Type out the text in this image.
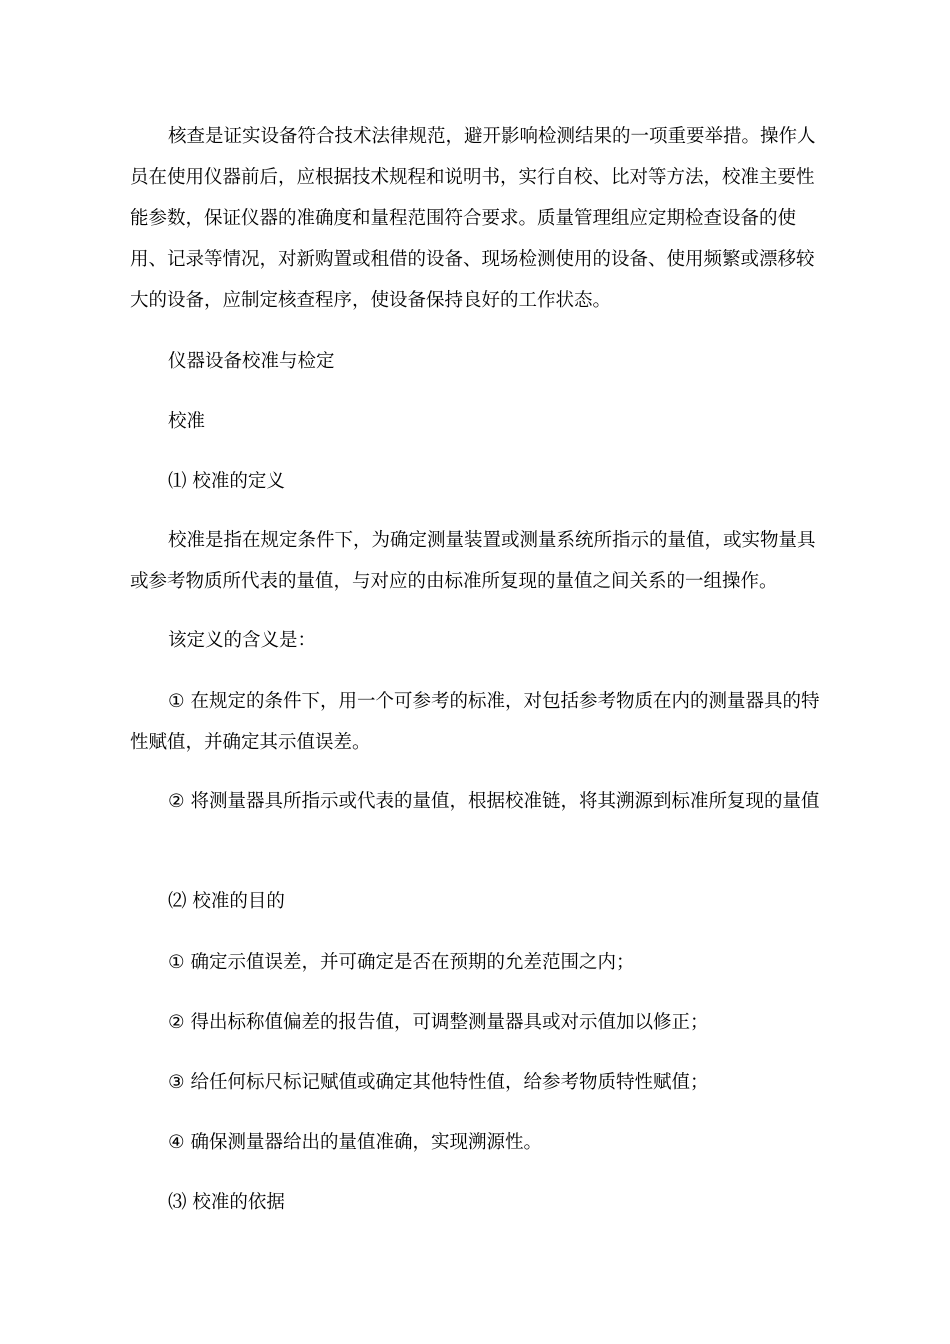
核查是证实设备符合技术法律规范，避开影响检测结果的一项重要举措。操作人员在使用仪器前后，应根据技术规程和说明书，实行自校、比对等方法，校准主要性能参数，保证仪器的准确度和量程范围符合要求。质量管理组应定期检查设备的使用、记录等情况，对新购置或租借的设备、现场检测使用的设备、使用频繁或漂移较大的设备，应制定核查程序，使设备保持良好的工作状态。

仪器设备校准与检定

校准

⑴ 校准的定义

校准是指在规定条件下，为确定测量装置或测量系统所指示的量值，或实物量具或参考物质所代表的量值，与对应的由标准所复现的量值之间关系的一组操作。

该定义的含义是：

① 在规定的条件下，用一个可参考的标准，对包括参考物质在内的测量器具的特性赋值，并确定其示值误差。

② 将测量器具所指示或代表的量值，根据校准链，将其溯源到标准所复现的量值

⑵ 校准的目的

① 确定示值误差，并可确定是否在预期的允差范围之内；

② 得出标称值偏差的报告值，可调整测量器具或对示值加以修正；

③ 给任何标尺标记赋值或确定其他特性值，给参考物质特性赋值；

④ 确保测量器给出的量值准确，实现溯源性。

⑶ 校准的依据
